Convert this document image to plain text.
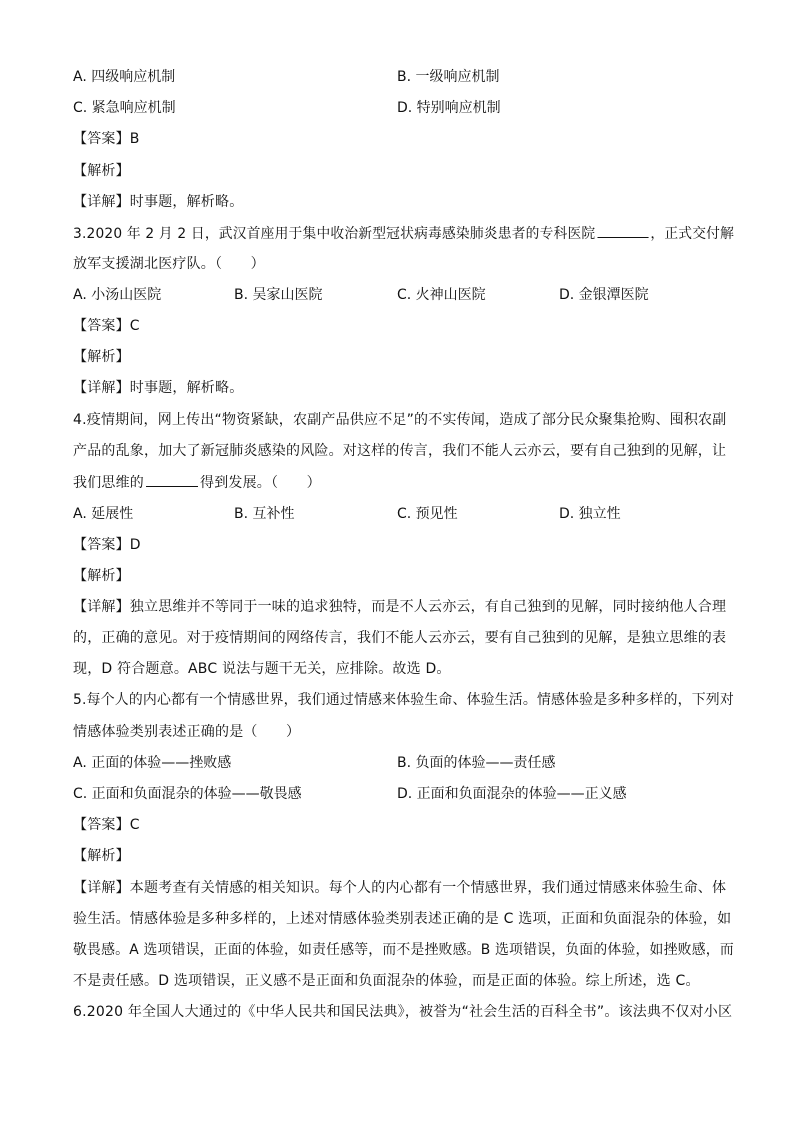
A. 四级响应机制	B. 一级响应机制
C. 紧急响应机制	D. 特别响应机制
【答案】B
【解析】
【详解】时事题，解析略。
3.2020 年 2 月 2 日，武汉首座用于集中收治新型冠状病毒感染肺炎患者的专科医院	，正式交付解
放军支援湖北医疗队。（　　）
A. 小汤山医院	B. 吴家山医院	C. 火神山医院	D. 金银潭医院
【答案】C
【解析】
【详解】时事题，解析略。
4.疫情期间，网上传出“物资紧缺，农副产品供应不足”的不实传闻，造成了部分民众聚集抢购、囤积农副
产品的乱象，加大了新冠肺炎感染的风险。对这样的传言，我们不能人云亦云，要有自己独到的见解，让
我们思维的	得到发展。（　　）
A. 延展性	B. 互补性	C. 预见性	D. 独立性
【答案】D
【解析】
【详解】独立思维并不等同于一味的追求独特，而是不人云亦云，有自己独到的见解，同时接纳他人合理
的，正确的意见。对于疫情期间的网络传言，我们不能人云亦云，要有自己独到的见解，是独立思维的表
现，D 符合题意。ABC 说法与题干无关，应排除。故选 D。
5.每个人的内心都有一个情感世界，我们通过情感来体验生命、体验生活。情感体验是多种多样的，下列对
情感体验类别表述正确的是（　　）
A. 正面的体验——挫败感	B. 负面的体验——责任感
C. 正面和负面混杂的体验——敬畏感	D. 正面和负面混杂的体验——正义感
【答案】C
【解析】
【详解】本题考查有关情感的相关知识。每个人的内心都有一个情感世界，我们通过情感来体验生命、体
验生活。情感体验是多种多样的，上述对情感体验类别表述正确的是 C 选项，正面和负面混杂的体验，如
敬畏感。A 选项错误，正面的体验，如责任感等，而不是挫败感。B 选项错误，负面的体验，如挫败感，而
不是责任感。D 选项错误，正义感不是正面和负面混杂的体验，而是正面的体验。综上所述，选 C。
6.2020 年全国人大通过的《中华人民共和国民法典》，被誉为“社会生活的百科全书”。该法典不仅对小区
